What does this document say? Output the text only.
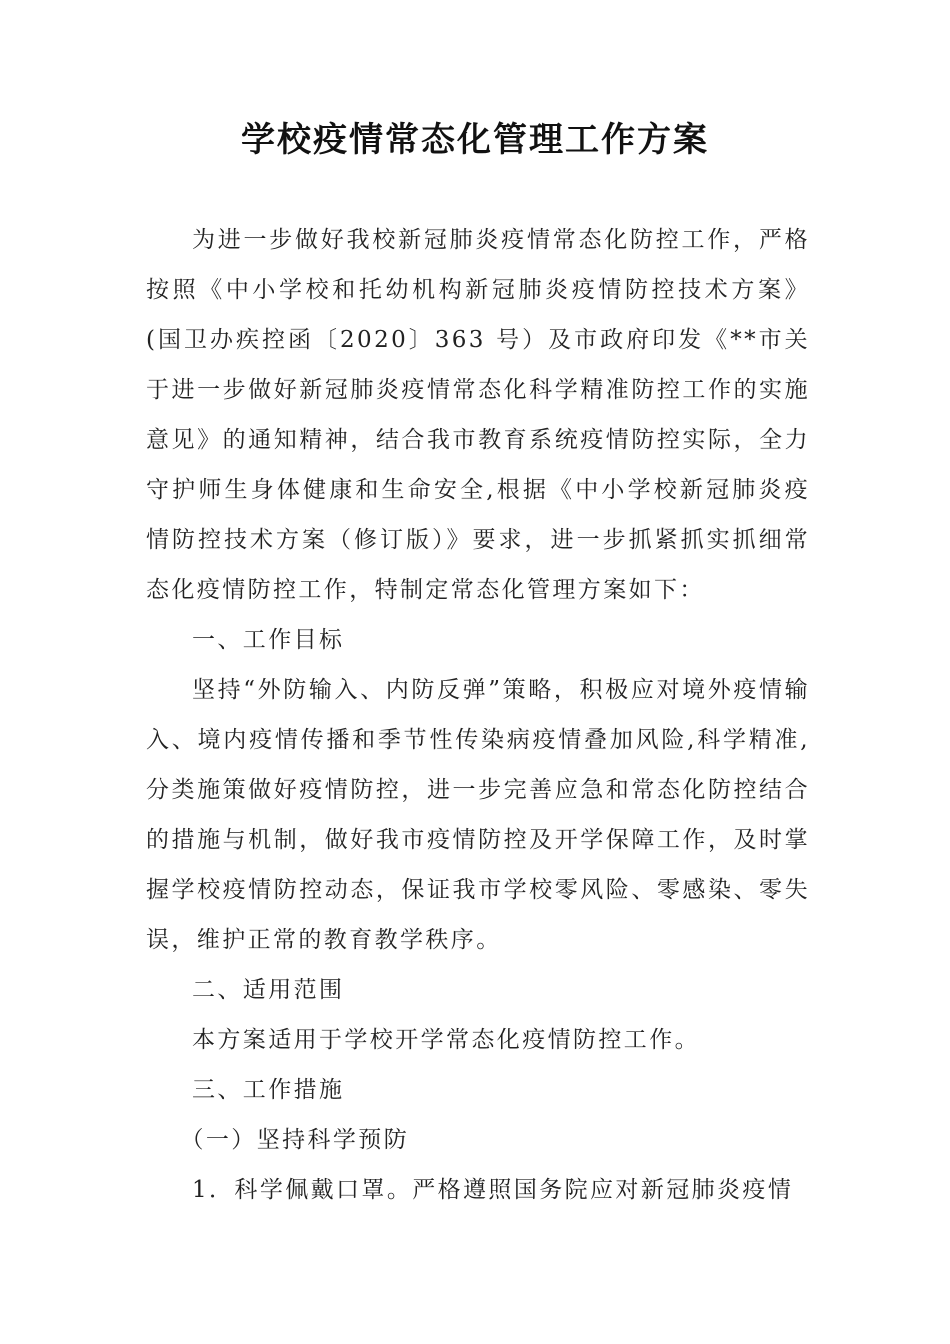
学校疫情常态化管理工作方案

为进一步做好我校新冠肺炎疫情常态化防控工作，严格按照《中小学校和托幼机构新冠肺炎疫情防控技术方案》(国卫办疾控函〔2020〕363 号）及市政府印发《**市关于进一步做好新冠肺炎疫情常态化科学精准防控工作的实施意见》的通知精神，结合我市教育系统疫情防控实际，全力守护师生身体健康和生命安全,根据《中小学校新冠肺炎疫情防控技术方案（修订版）》要求，进一步抓紧抓实抓细常态化疫情防控工作，特制定常态化管理方案如下：

一、工作目标

坚持“外防输入、内防反弹”策略，积极应对境外疫情输入、境内疫情传播和季节性传染病疫情叠加风险,科学精准,分类施策做好疫情防控，进一步完善应急和常态化防控结合的措施与机制，做好我市疫情防控及开学保障工作，及时掌握学校疫情防控动态，保证我市学校零风险、零感染、零失误，维护正常的教育教学秩序。

二、适用范围

本方案适用于学校开学常态化疫情防控工作。

三、工作措施

（一）坚持科学预防

1．科学佩戴口罩。严格遵照国务院应对新冠肺炎疫情
